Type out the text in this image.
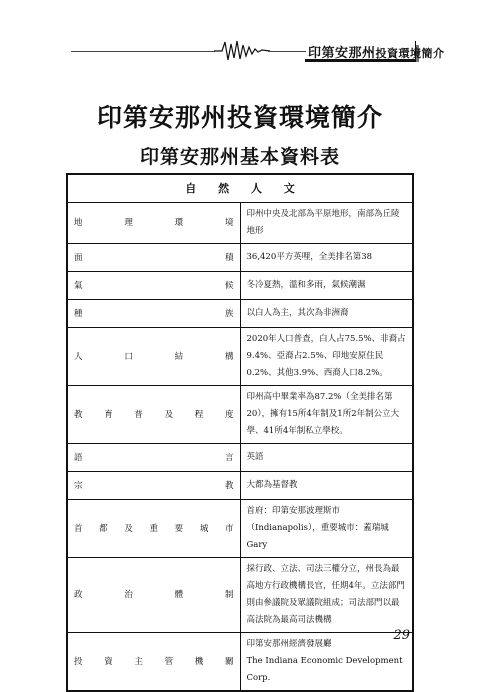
印第安那州投資環境簡介
印第安那州投資環境簡介
印第安那州基本資料表
自 然 人 文	

地理環境	印州中央及北部為平原地形，南部為丘陵地形

面積	36,420平方英哩，全美排名第38

氣候	冬冷夏熱，溫和多雨，氣候潮濕

種族	以白人為主，其次為非洲裔

人口結構	2020年人口普查，白人占75.5%、非裔占9.4%、亞裔占2.5%、印地安原住民0.2%、其他3.9%、西裔人口8.2%。

教育普及程度	印州高中畢業率為87.2%（全美排名第20），擁有15所4年制及1所2年制公立大學、41所4年制私立學校。

語言	英語

宗教	大都為基督教

首都及重要城市	首府：印第安那波理斯市（Indianapolis），重要城市：蓋瑞城Gary

政治體制	採行政、立法、司法三權分立，州長為最高地方行政機構長官，任期4年。立法部門則由參議院及眾議院組成；司法部門以最高法院為最高司法機構

投資主管機關	印第安那州經濟發展廳
The Indiana Economic Development Corp.
29
